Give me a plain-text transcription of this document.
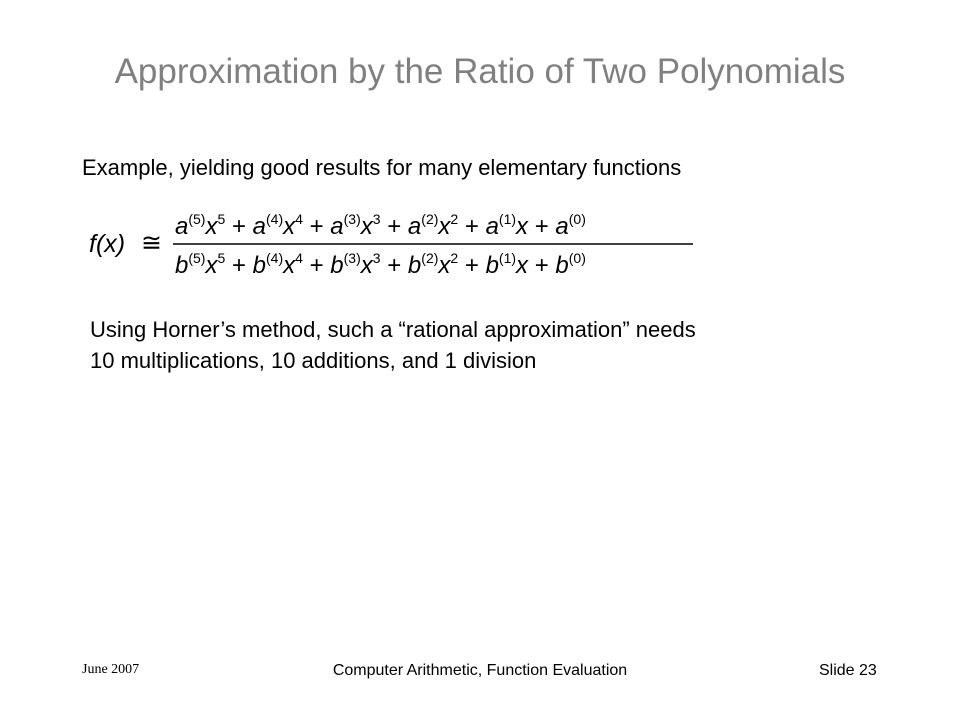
Approximation by the Ratio of Two Polynomials

Example, yielding good results for many elementary functions

f(x) ≅
$a^{(5)}x^5 + a^{(4)}x^4 + a^{(3)}x^3 + a^{(2)}x^2 + a^{(1)}x + a^{(0)}$
$b^{(5)}x^5 + b^{(4)}x^4 + b^{(3)}x^3 + b^{(2)}x^2 + b^{(1)}x + b^{(0)}$
Using Horner’s method, such a “rational approximation” needs
10 multiplications, 10 additions, and 1 division
June 2007	Computer Arithmetic, Function Evaluation	Slide 23
